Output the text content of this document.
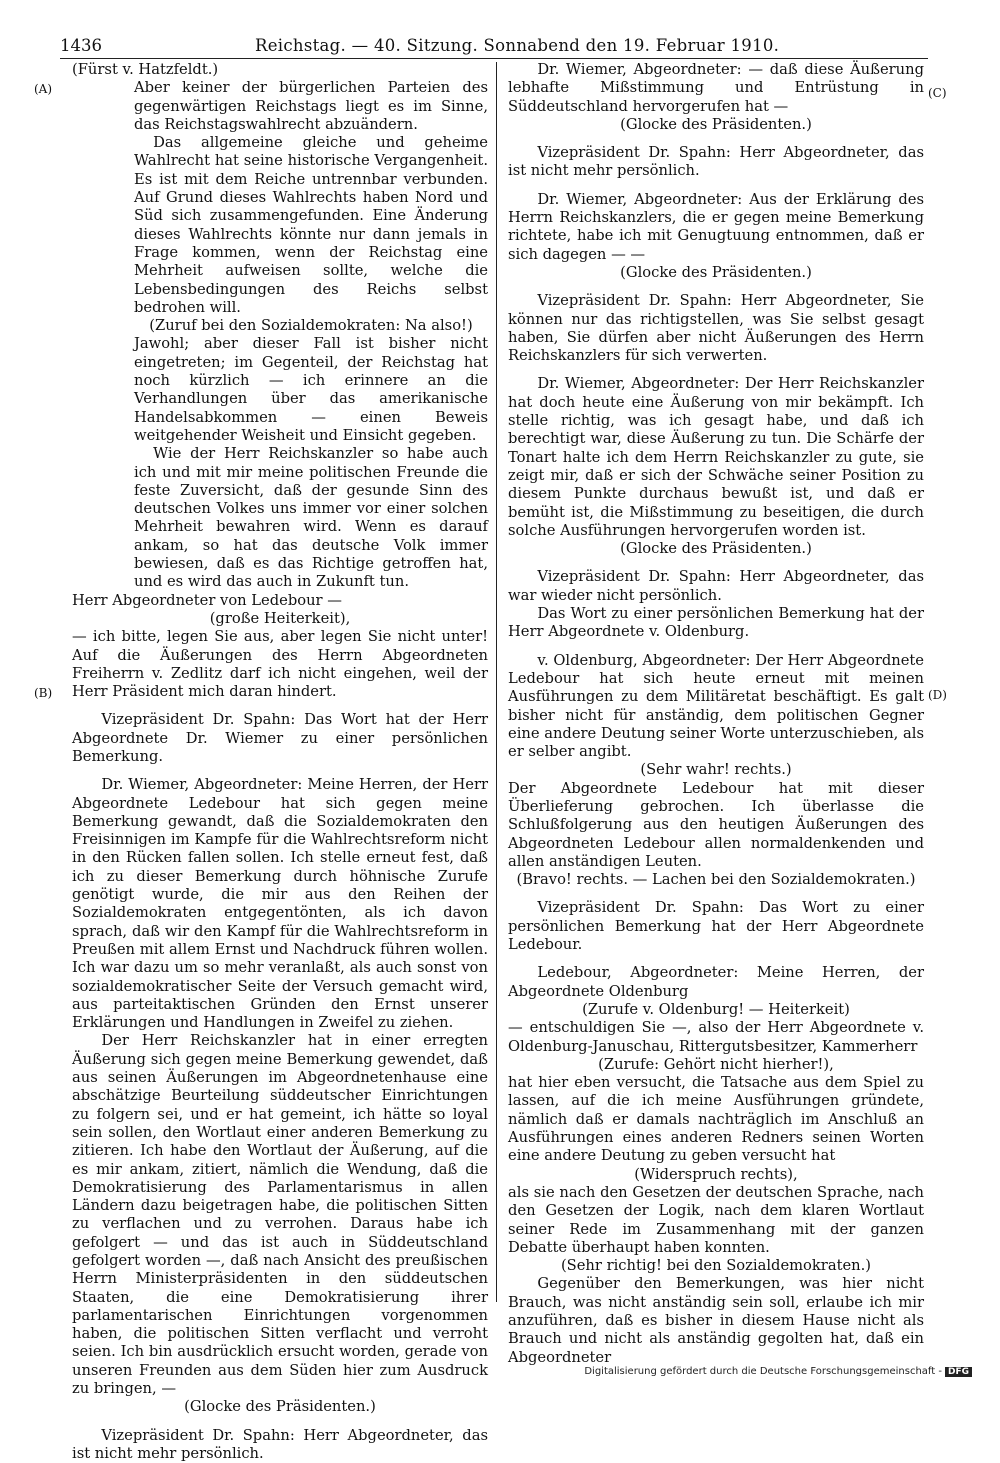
1436	Reichstag. — 40. Sitzung. Sonnabend den 19. Februar 1910.
(A)
(B)
(C)
(D)

(Fürst v. Hatzfeldt.)

Aber keiner der bürgerlichen Parteien des gegenwärtigen Reichstags liegt es im Sinne, das Reichstagswahlrecht abzuändern.

Das allgemeine gleiche und geheime Wahlrecht hat seine historische Vergangenheit. Es ist mit dem Reiche untrennbar verbunden. Auf Grund dieses Wahlrechts haben Nord und Süd sich zusammengefunden. Eine Änderung dieses Wahlrechts könnte nur dann jemals in Frage kommen, wenn der Reichstag eine Mehrheit aufweisen sollte, welche die Lebensbedingungen des Reichs selbst bedrohen will.

(Zuruf bei den Sozialdemokraten: Na also!)

Jawohl; aber dieser Fall ist bisher nicht eingetreten; im Gegenteil, der Reichstag hat noch kürzlich — ich erinnere an die Verhandlungen über das amerikanische Handelsabkommen — einen Beweis weitgehender Weisheit und Einsicht gegeben.

Wie der Herr Reichskanzler so habe auch ich und mit mir meine politischen Freunde die feste Zuversicht, daß der gesunde Sinn des deutschen Volkes uns immer vor einer solchen Mehrheit bewahren wird. Wenn es darauf ankam, so hat das deutsche Volk immer bewiesen, daß es das Richtige getroffen hat, und es wird das auch in Zukunft tun.

Herr Abgeordneter von Ledebour —

(große Heiterkeit),

— ich bitte, legen Sie aus, aber legen Sie nicht unter! Auf die Äußerungen des Herrn Abgeordneten Freiherrn v. Zedlitz darf ich nicht eingehen, weil der Herr Präsident mich daran hindert.

Vizepräsident Dr. Spahn: Das Wort hat der Herr Abgeordnete Dr. Wiemer zu einer persönlichen Bemerkung.

Dr. Wiemer, Abgeordneter: Meine Herren, der Herr Abgeordnete Ledebour hat sich gegen meine Bemerkung gewandt, daß die Sozialdemokraten den Freisinnigen im Kampfe für die Wahlrechtsreform nicht in den Rücken fallen sollen. Ich stelle erneut fest, daß ich zu dieser Bemerkung durch höhnische Zurufe genötigt wurde, die mir aus den Reihen der Sozialdemokraten entgegentönten, als ich davon sprach, daß wir den Kampf für die Wahlrechtsreform in Preußen mit allem Ernst und Nachdruck führen wollen. Ich war dazu um so mehr veranlaßt, als auch sonst von sozialdemokratischer Seite der Versuch gemacht wird, aus parteitaktischen Gründen den Ernst unserer Erklärungen und Handlungen in Zweifel zu ziehen.

Der Herr Reichskanzler hat in einer erregten Äußerung sich gegen meine Bemerkung gewendet, daß aus seinen Äußerungen im Abgeordnetenhause eine abschätzige Beurteilung süddeutscher Einrichtungen zu folgern sei, und er hat gemeint, ich hätte so loyal sein sollen, den Wortlaut einer anderen Bemerkung zu zitieren. Ich habe den Wortlaut der Äußerung, auf die es mir ankam, zitiert, nämlich die Wendung, daß die Demokratisierung des Parlamentarismus in allen Ländern dazu beigetragen habe, die politischen Sitten zu verflachen und zu verrohen. Daraus habe ich gefolgert — und das ist auch in Süddeutschland gefolgert worden —, daß nach Ansicht des preußischen Herrn Ministerpräsidenten in den süddeutschen Staaten, die eine Demokratisierung ihrer parlamentarischen Einrichtungen vorgenommen haben, die politischen Sitten verflacht und verroht seien. Ich bin ausdrücklich ersucht worden, gerade von unseren Freunden aus dem Süden hier zum Ausdruck zu bringen, —

(Glocke des Präsidenten.)

Vizepräsident Dr. Spahn: Herr Abgeordneter, das ist nicht mehr persönlich.

Dr. Wiemer, Abgeordneter: — daß diese Äußerung lebhafte Mißstimmung und Entrüstung in Süddeutschland hervorgerufen hat —

(Glocke des Präsidenten.)

Vizepräsident Dr. Spahn: Herr Abgeordneter, das ist nicht mehr persönlich.

Dr. Wiemer, Abgeordneter: Aus der Erklärung des Herrn Reichskanzlers, die er gegen meine Bemerkung richtete, habe ich mit Genugtuung entnommen, daß er sich dagegen — —

(Glocke des Präsidenten.)

Vizepräsident Dr. Spahn: Herr Abgeordneter, Sie können nur das richtigstellen, was Sie selbst gesagt haben, Sie dürfen aber nicht Äußerungen des Herrn Reichskanzlers für sich verwerten.

Dr. Wiemer, Abgeordneter: Der Herr Reichskanzler hat doch heute eine Äußerung von mir bekämpft. Ich stelle richtig, was ich gesagt habe, und daß ich berechtigt war, diese Äußerung zu tun. Die Schärfe der Tonart halte ich dem Herrn Reichskanzler zu gute, sie zeigt mir, daß er sich der Schwäche seiner Position zu diesem Punkte durchaus bewußt ist, und daß er bemüht ist, die Mißstimmung zu beseitigen, die durch solche Ausführungen hervorgerufen worden ist.

(Glocke des Präsidenten.)

Vizepräsident Dr. Spahn: Herr Abgeordneter, das war wieder nicht persönlich.

Das Wort zu einer persönlichen Bemerkung hat der Herr Abgeordnete v. Oldenburg.

v. Oldenburg, Abgeordneter: Der Herr Abgeordnete Ledebour hat sich heute erneut mit meinen Ausführungen zu dem Militäretat beschäftigt. Es galt bisher nicht für anständig, dem politischen Gegner eine andere Deutung seiner Worte unterzuschieben, als er selber angibt.

(Sehr wahr! rechts.)

Der Abgeordnete Ledebour hat mit dieser Überlieferung gebrochen. Ich überlasse die Schlußfolgerung aus den heutigen Äußerungen des Abgeordneten Ledebour allen normaldenkenden und allen anständigen Leuten.

(Bravo! rechts. — Lachen bei den Sozialdemokraten.)

Vizepräsident Dr. Spahn: Das Wort zu einer persönlichen Bemerkung hat der Herr Abgeordnete Ledebour.

Ledebour, Abgeordneter: Meine Herren, der Abgeordnete Oldenburg

(Zurufe v. Oldenburg! — Heiterkeit)

— entschuldigen Sie —, also der Herr Abgeordnete v. Oldenburg-Januschau, Rittergutsbesitzer, Kammerherr

(Zurufe: Gehört nicht hierher!),

hat hier eben versucht, die Tatsache aus dem Spiel zu lassen, auf die ich meine Ausführungen gründete, nämlich daß er damals nachträglich im Anschluß an Ausführungen eines anderen Redners seinen Worten eine andere Deutung zu geben versucht hat

(Widerspruch rechts),

als sie nach den Gesetzen der deutschen Sprache, nach den Gesetzen der Logik, nach dem klaren Wortlaut seiner Rede im Zusammenhang mit der ganzen Debatte überhaupt haben konnten.

(Sehr richtig! bei den Sozialdemokraten.)

Gegenüber den Bemerkungen, was hier nicht Brauch, was nicht anständig sein soll, erlaube ich mir anzuführen, daß es bisher in diesem Hause nicht als Brauch und nicht als anständig gegolten hat, daß ein Abgeordneter

Digitalisierung gefördert durch die Deutsche Forschungsgemeinschaft - DFG
